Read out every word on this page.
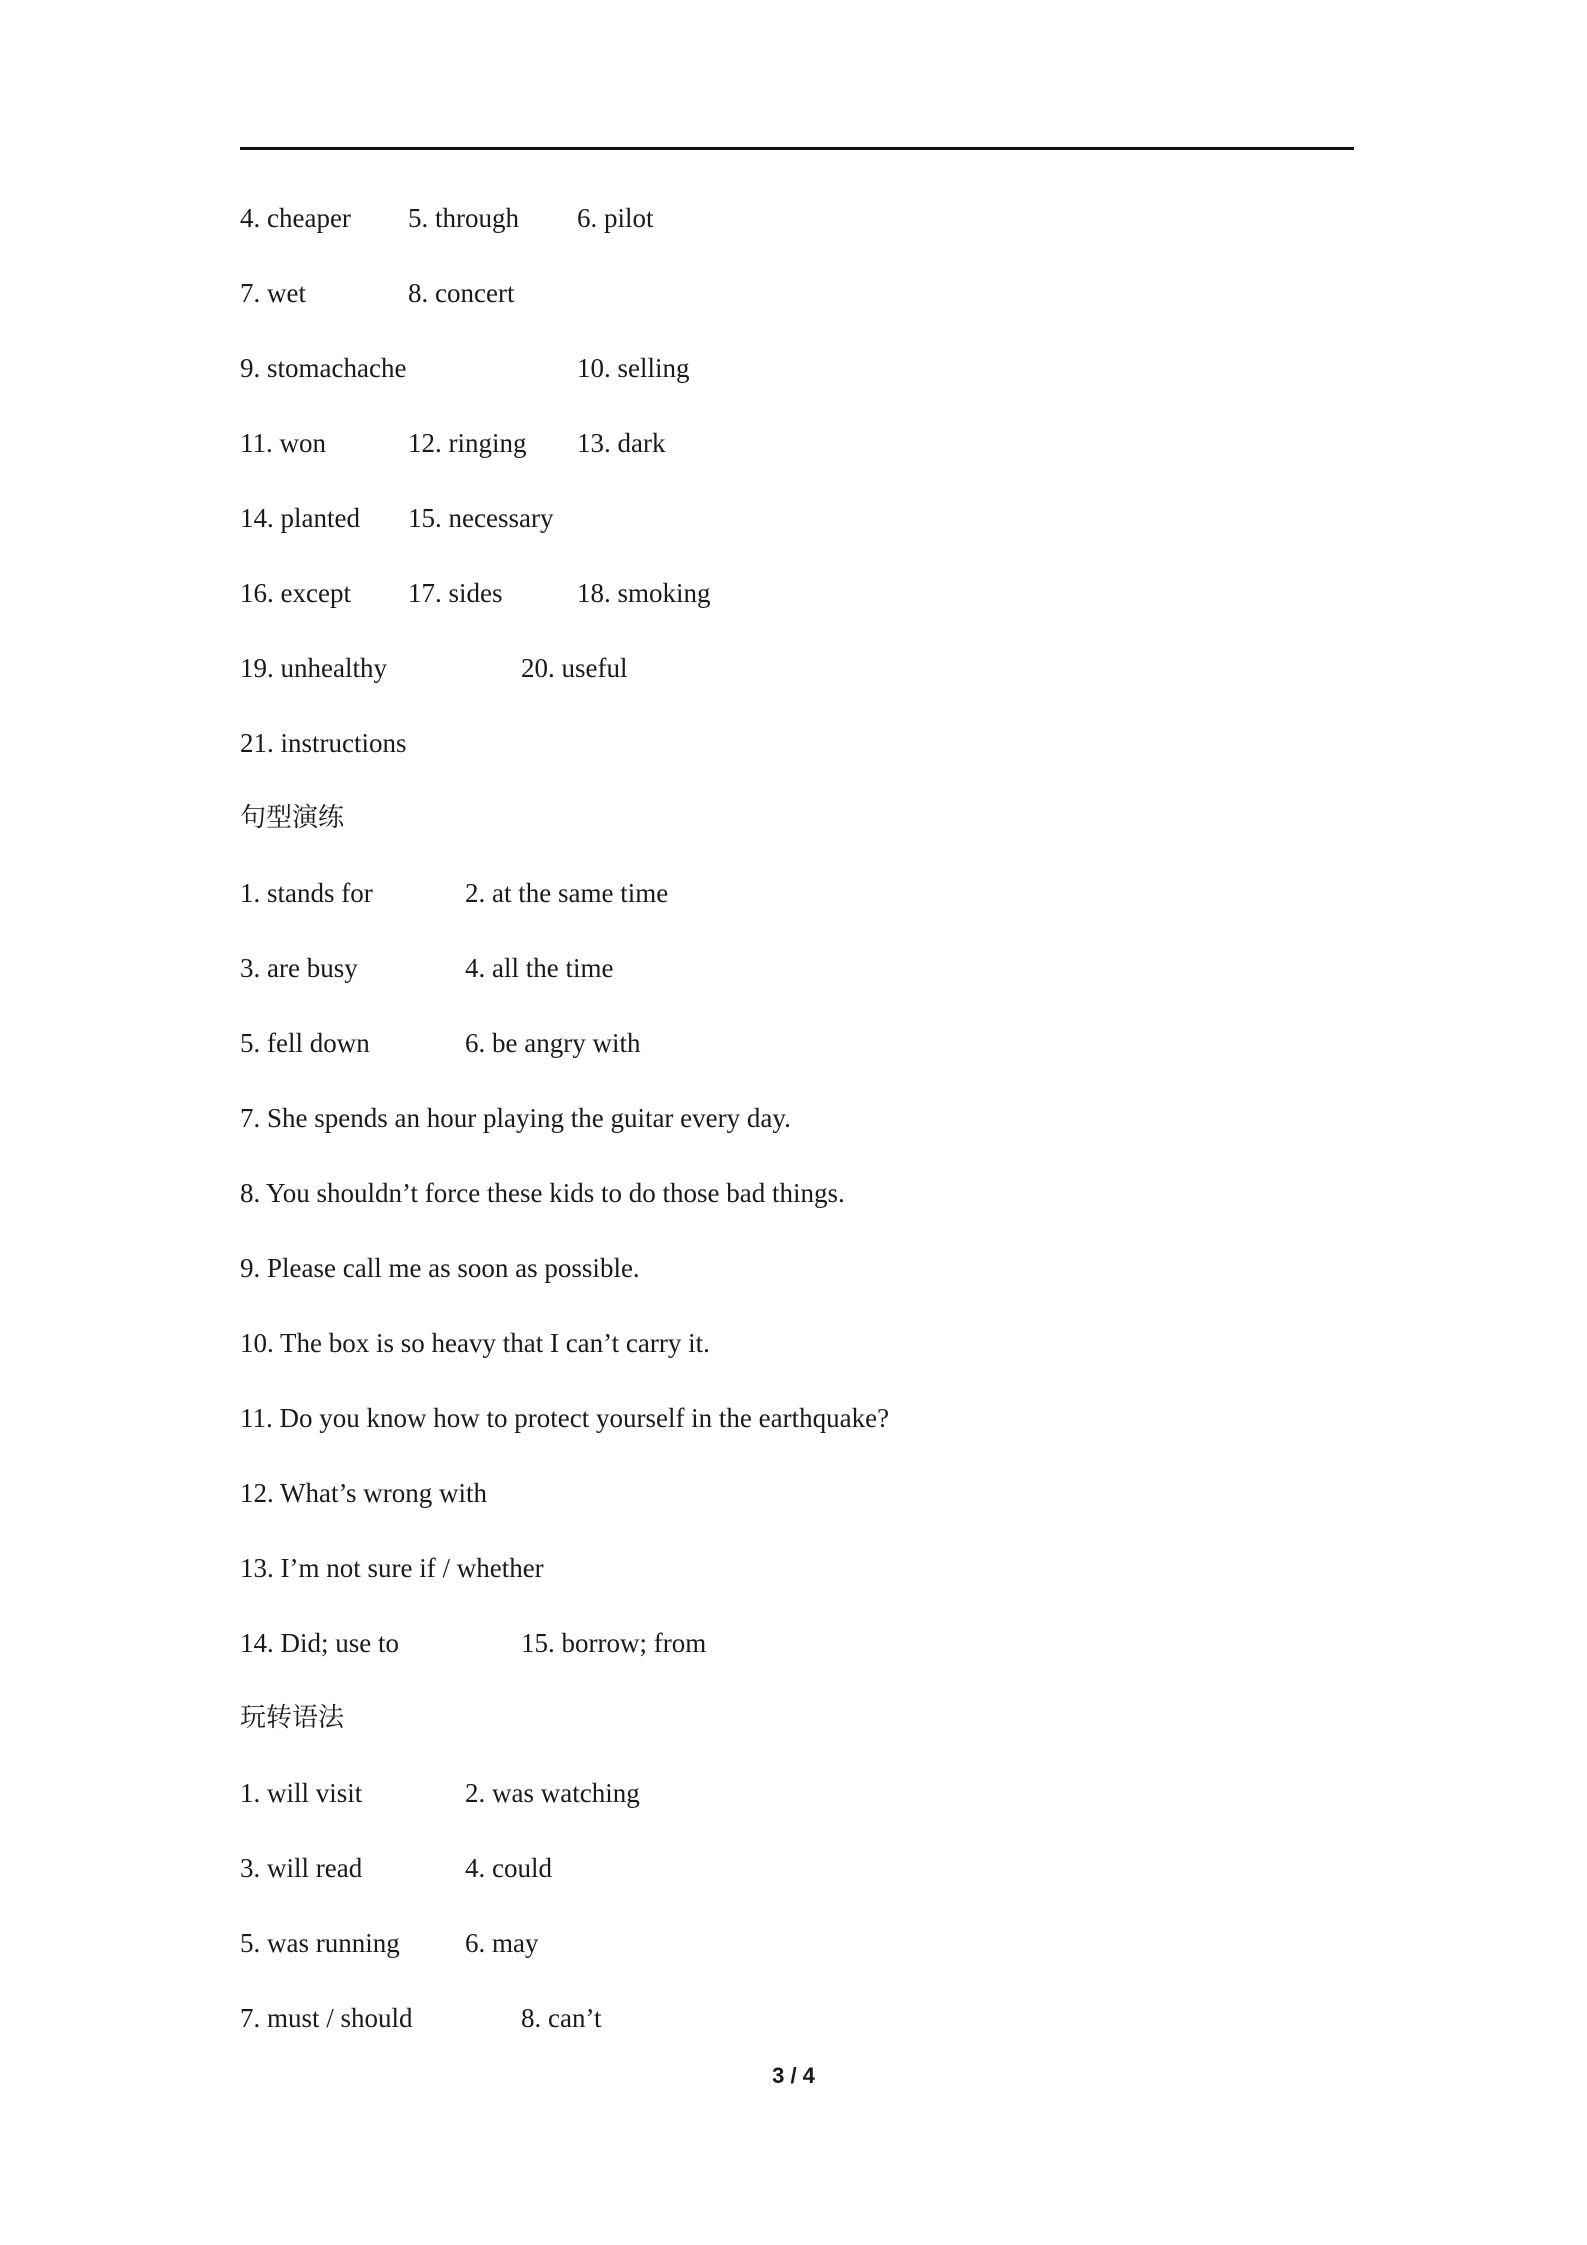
4. cheaper 5. through 6. pilot
7. wet	8. concert
9. stomachache	10. selling
11. won	12. ringing 13. dark
14. planted 15. necessary
16. except 17. sides	18. smoking
19. unhealthy	20. useful
21. instructions
句型演练
1. stands for	2. at the same time
3. are busy	4. all the time
5. fell down	6. be angry with
7. She spends an hour playing the guitar every day.
8. You shouldn’t force these kids to do those bad things.
9. Please call me as soon as possible.
10. The box is so heavy that I can’t carry it.
11. Do you know how to protect yourself in the earthquake?
12. What’s wrong with
13. I’m not sure if / whether
14. Did; use to	15. borrow; from
玩转语法
1. will visit	2. was watching
3. will read	4. could
5. was running 6. may
7. must / should	8. can’t
3 / 4
